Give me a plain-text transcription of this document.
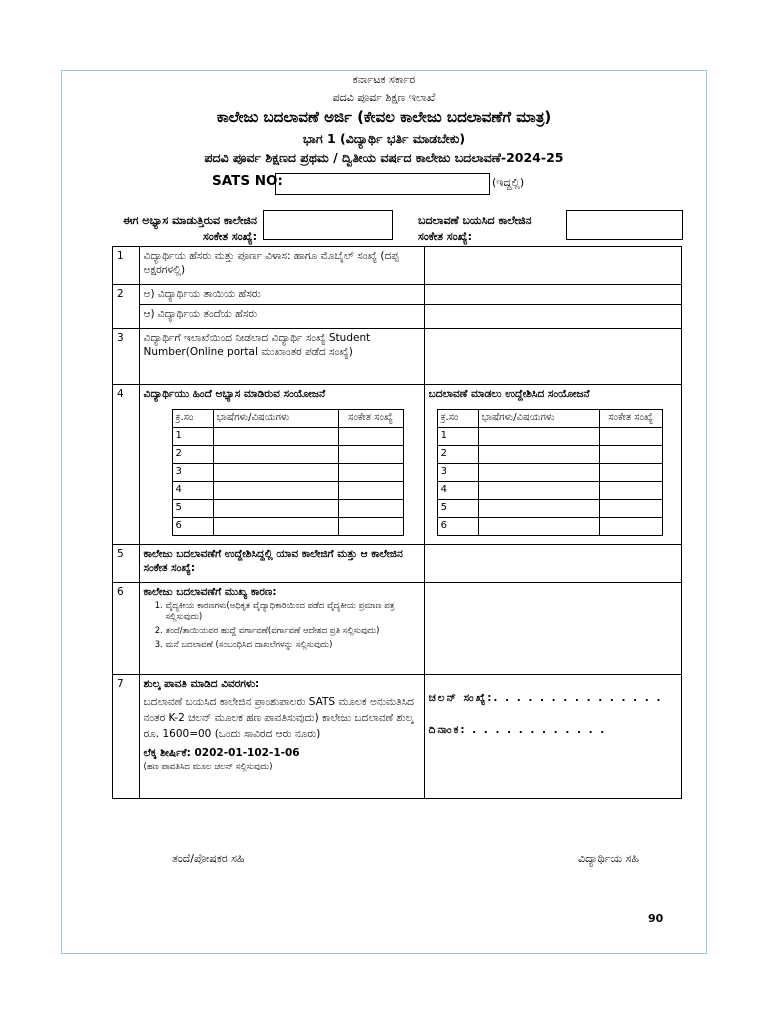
ಕರ್ನಾಟಕ ಸರ್ಕಾರ
ಪದವಿ ಪೂರ್ವ ಶಿಕ್ಷಣ ಇಲಾಖೆ
ಕಾಲೇಜು ಬದಲಾವಣೆ ಅರ್ಜಿ (ಕೇವಲ ಕಾಲೇಜು ಬದಲಾವಣೆಗೆ ಮಾತ್ರ)
ಭಾಗ 1 (ವಿದ್ಯಾರ್ಥಿ ಭರ್ತಿ ಮಾಡಬೇಕು)
ಪದವಿ ಪೂರ್ವ ಶಿಕ್ಷಣದ ಪ್ರಥಮ / ದ್ವಿತೀಯ ವರ್ಷದ ಕಾಲೇಜು ಬದಲಾವಣೆ-2024-25
SATS NO:	(ಇದ್ದಲ್ಲಿ)
ಈಗ ಅಭ್ಯಾಸ ಮಾಡುತ್ತಿರುವ ಕಾಲೇಜಿನ ಸಂಕೇತ ಸಂಖ್ಯೆ:
ಬದಲಾವಣೆ ಬಯಸಿದ ಕಾಲೇಜಿನ ಸಂಕೇತ ಸಂಖ್ಯೆ:
1	ವಿದ್ಯಾರ್ಥಿಯ ಹೆಸರು ಮತ್ತು ಪೂರ್ಣ ವಿಳಾಸ: ಹಾಗೂ ಮೊಬೈಲ್ ಸಂಖ್ಯೆ (ದಪ್ಪ ಅಕ್ಷರಗಳಲ್ಲಿ)	
2	ಅ) ವಿದ್ಯಾರ್ಥಿಯ ತಾಯಿಯ ಹೆಸರು	
ಆ) ವಿದ್ಯಾರ್ಥಿಯ ತಂದೆಯ ಹೆಸರು	
3	ವಿದ್ಯಾರ್ಥಿಗೆ ಇಲಾಖೆಯಿಂದ ನೀಡಲಾದ ವಿದ್ಯಾರ್ಥಿ ಸಂಖ್ಯೆ Student Number(Online portal ಮುಖಾಂತರ ಪಡೆದ ಸಂಖ್ಯೆ)	
4	ವಿದ್ಯಾರ್ಥಿಯು ಹಿಂದೆ ಅಭ್ಯಾಸ ಮಾಡಿರುವ ಸಂಯೋಜನೆ
ಕ್ರ.ಸಂ	ಭಾಷೆಗಳು/ವಿಷಯಗಳು	ಸಂಕೇತ ಸಂಖ್ಯೆ
1		
2		
3		
4		
5		
6		

ಬದಲಾವಣೆ ಮಾಡಲು ಉದ್ದೇಶಿಸಿದ ಸಂಯೋಜನೆ
ಕ್ರ.ಸಂ	ಭಾಷೆಗಳು/ವಿಷಯಗಳು	ಸಂಕೇತ ಸಂಖ್ಯೆ
1		
2		
3		
4		
5		
6		

5	ಕಾಲೇಜು ಬದಲಾವಣೆಗೆ ಉದ್ದೇಶಿಸಿದ್ದಲ್ಲಿ ಯಾವ ಕಾಲೇಜಿಗೆ ಮತ್ತು ಆ ಕಾಲೇಜಿನ ಸಂಕೇತ ಸಂಖ್ಯೆ:	
6	ಕಾಲೇಜು ಬದಲಾವಣೆಗೆ ಮುಖ್ಯ ಕಾರಣ:
1. ವೈದ್ಯಕೀಯ ಕಾರಣಗಳು(ಅಧಿಕೃತ ವೈದ್ಯಾಧಿಕಾರಿಯಿಂದ ಪಡೆದ ವೈದ್ಯಕೀಯ ಪ್ರಮಾಣ ಪತ್ರ ಸಲ್ಲಿಸುವುದು)
2. ತಂದೆ/ತಾಯಿಯವರ ಹುದ್ದೆ ವರ್ಗಾವಣೆ(ವರ್ಗಾವಣೆ ಆದೇಶದ ಪ್ರತಿ ಸಲ್ಲಿಸುವುದು)
3. ಮನೆ ಬದಲಾವಣೆ (ಸಂಬಂಧಿಸಿದ ದಾಖಲೆಗಳನ್ನು ಸಲ್ಲಿಸುವುದು)

7	ಶುಲ್ಕ ಪಾವತಿ ಮಾಡಿದ ವಿವರಗಳು:
ಬದಲಾವಣೆ ಬಯಸಿದ ಕಾಲೇಜಿನ ಪ್ರಾಂಶುಪಾಲರು SATS ಮೂಲಕ ಅನುಮತಿಸಿದ ನಂತರ K-2 ಚಲನ್ ಮೂಲಕ ಹಣ ಪಾವತಿಸುವುದು) ಕಾಲೇಜು ಬದಲಾವಣೆ ಶುಲ್ಕ ರೂ. 1600=00 (ಒಂದು ಸಾವಿರದ ಆರು ನೂರು)
ಲೆಕ್ಕ ಶೀರ್ಷಿಕೆ: 0202-01-102-1-06
(ಹಣ ಪಾವತಿಸಿದ ಮೂಲ ಚಲನ್ ಸಲ್ಲಿಸುವುದು)

ಚಲನ್ ಸಂಖ್ಯೆ:. . . . . . . . . . . . . . .
ದಿನಾಂಕ: . . . . . . . . . . . .
ತಂದೆ/ಪೋಷಕರ ಸಹಿ	ವಿದ್ಯಾರ್ಥಿಯ ಸಹಿ
90
